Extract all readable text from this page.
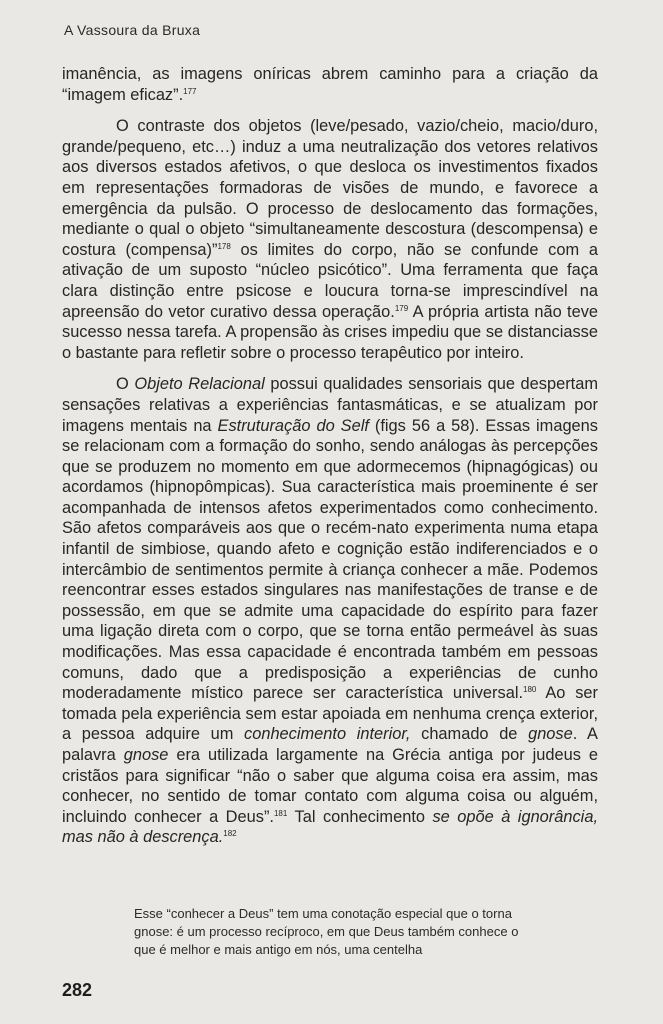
A Vassoura da Bruxa

imanência, as imagens oníricas abrem caminho para a criação da “imagem eficaz”.$^{177}$

O contraste dos objetos (leve/pesado, vazio/cheio, macio/duro, grande/pequeno, etc…) induz a uma neutralização dos vetores relativos aos diversos estados afetivos, o que desloca os investimentos fixados em representações formadoras de visões de mundo, e favorece a emergência da pulsão. O processo de deslocamento das formações, mediante o qual o objeto “simultaneamente descostura (descompensa) e costura (compensa)”$^{178}$ os limites do corpo, não se confunde com a ativação de um suposto “núcleo psicótico”. Uma ferramenta que faça clara distinção entre psicose e loucura torna-se imprescindível na apreensão do vetor curativo dessa operação.$^{179}$ A própria artista não teve sucesso nessa tarefa. A propensão às crises impediu que se distanciasse o bastante para refletir sobre o processo terapêutico por inteiro.

O Objeto Relacional possui qualidades sensoriais que despertam sensações relativas a experiências fantasmáticas, e se atualizam por imagens mentais na Estruturação do Self (figs 56 a 58). Essas imagens se relacionam com a formação do sonho, sendo análogas às percepções que se produzem no momento em que adormecemos (hipnagógicas) ou acordamos (hipnopômpicas). Sua característica mais proeminente é ser acompanhada de intensos afetos experimentados como conhecimento. São afetos comparáveis aos que o recém-nato experimenta numa etapa infantil de simbiose, quando afeto e cognição estão indiferenciados e o intercâmbio de sentimentos permite à criança conhecer a mãe. Podemos reencontrar esses estados singulares nas manifestações de transe e de possessão, em que se admite uma capacidade do espírito para fazer uma ligação direta com o corpo, que se torna então permeável às suas modificações. Mas essa capacidade é encontrada também em pessoas comuns, dado que a predisposição a experiências de cunho moderadamente místico parece ser característica universal.$^{180}$ Ao ser tomada pela experiência sem estar apoiada em nenhuma crença exterior, a pessoa adquire um conhecimento interior, chamado de gnose. A palavra gnose era utilizada largamente na Grécia antiga por judeus e cristãos para significar “não o saber que alguma coisa era assim, mas conhecer, no sentido de tomar contato com alguma coisa ou alguém, incluindo conhecer a Deus”.$^{181}$ Tal conhecimento se opõe à ignorância, mas não à descrença.$^{182}$

Esse “conhecer a Deus” tem uma conotação especial que o torna gnose: é um processo recíproco, em que Deus também conhece o que é melhor e mais antigo em nós, uma centelha

282
